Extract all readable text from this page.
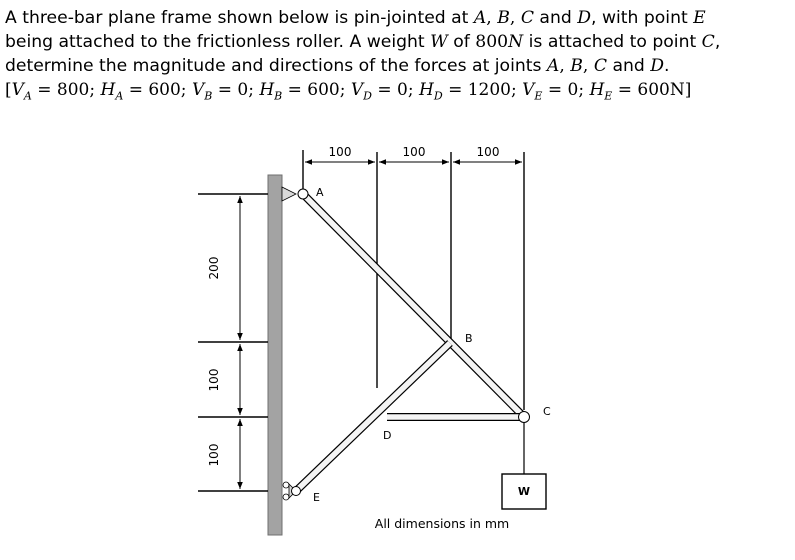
A three-bar plane frame shown below is pin-jointed at A, B, C and D, with point E

being attached to the frictionless roller. A weight W of 800N is attached to point C,

determine the magnitude and directions of the forces at joints A, B, C and D.

[$V_A = 800$; $H_A = 600$; $V_B = 0$; $H_B = 600$; $V_D = 0$; $H_D = 1200$; $V_E = 0$; $H_E = 600N$]

100	100	100
200
100
100
A
B
C
D
E	W
All dimensions in mm
